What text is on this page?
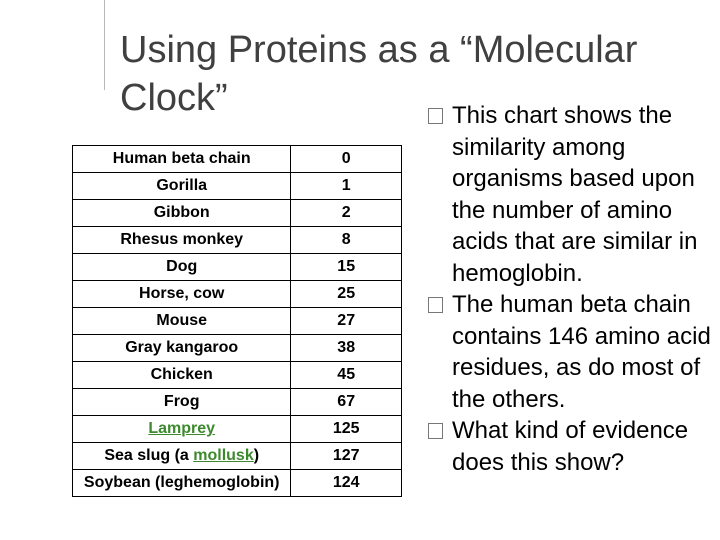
Using Proteins as a “Molecular
Clock”
Human beta chain	0
Gorilla	1
Gibbon	2
Rhesus monkey	8
Dog	15
Horse, cow	25
Mouse	27
Gray kangaroo	38
Chicken	45
Frog	67
Lamprey	125
Sea slug (a mollusk)	127
Soybean (leghemoglobin)	124
This chart shows the similarity among organisms based upon the number of amino acids that are similar in hemoglobin.
The human beta chain contains 146 amino acid residues, as do most of the others.
What kind of evidence does this show?
